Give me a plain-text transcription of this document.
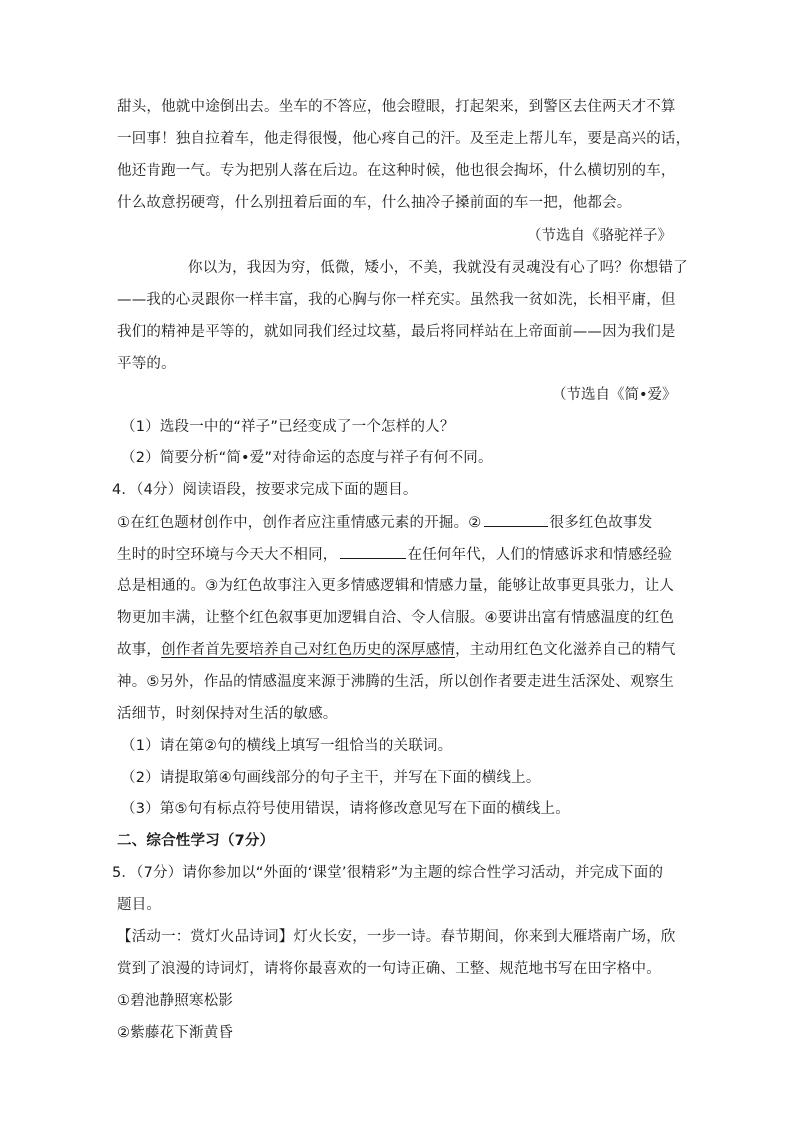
甜头，他就中途倒出去。坐车的不答应，他会瞪眼，打起架来，到警区去住两天才不算
一回事！独自拉着车，他走得很慢，他心疼自己的汗。及至走上帮儿车，要是高兴的话，
他还肯跑一气。专为把别人落在后边。在这种时候，他也很会掏坏，什么横切别的车，
什么故意拐硬弯，什么别扭着后面的车，什么抽冷子搡前面的车一把，他都会。
（节选自《骆驼祥子》
你以为，我因为穷，低微，矮小，不美，我就没有灵魂没有心了吗？你想错了
——我的心灵跟你一样丰富，我的心胸与你一样充实。虽然我一贫如洗，长相平庸，但
我们的精神是平等的，就如同我们经过坟墓，最后将同样站在上帝面前——因为我们是
平等的。
（节选自《简•爱》
（1）选段一中的“祥子”已经变成了一个怎样的人？
（2）简要分析“简•爱”对待命运的态度与祥子有何不同。
4．（4分）阅读语段，按要求完成下面的题目。
①在红色题材创作中，创作者应注重情感元素的开掘。②	很多红色故事发
生时的时空环境与今天大不相同，	在任何年代，人们的情感诉求和情感经验
总是相通的。③为红色故事注入更多情感逻辑和情感力量，能够让故事更具张力，让人
物更加丰满，让整个红色叙事更加逻辑自洽、令人信服。④要讲出富有情感温度的红色
故事，创作者首先要培养自己对红色历史的深厚感情，主动用红色文化滋养自己的精气
神。⑤另外，作品的情感温度来源于沸腾的生活，所以创作者要走进生活深处、观察生
活细节，时刻保持对生活的敏感。
（1）请在第②句的横线上填写一组恰当的关联词。
（2）请提取第④句画线部分的句子主干，并写在下面的横线上。
（3）第⑤句有标点符号使用错误，请将修改意见写在下面的横线上。
二、综合性学习（7分）
5．（7分）请你参加以“外面的‘课堂’很精彩”为主题的综合性学习活动，并完成下面的
题目。
【活动一：赏灯火品诗词】灯火长安，一步一诗。春节期间，你来到大雁塔南广场，欣
赏到了浪漫的诗词灯，请将你最喜欢的一句诗正确、工整、规范地书写在田字格中。
①碧池静照寒松影
②紫藤花下渐黄昏
